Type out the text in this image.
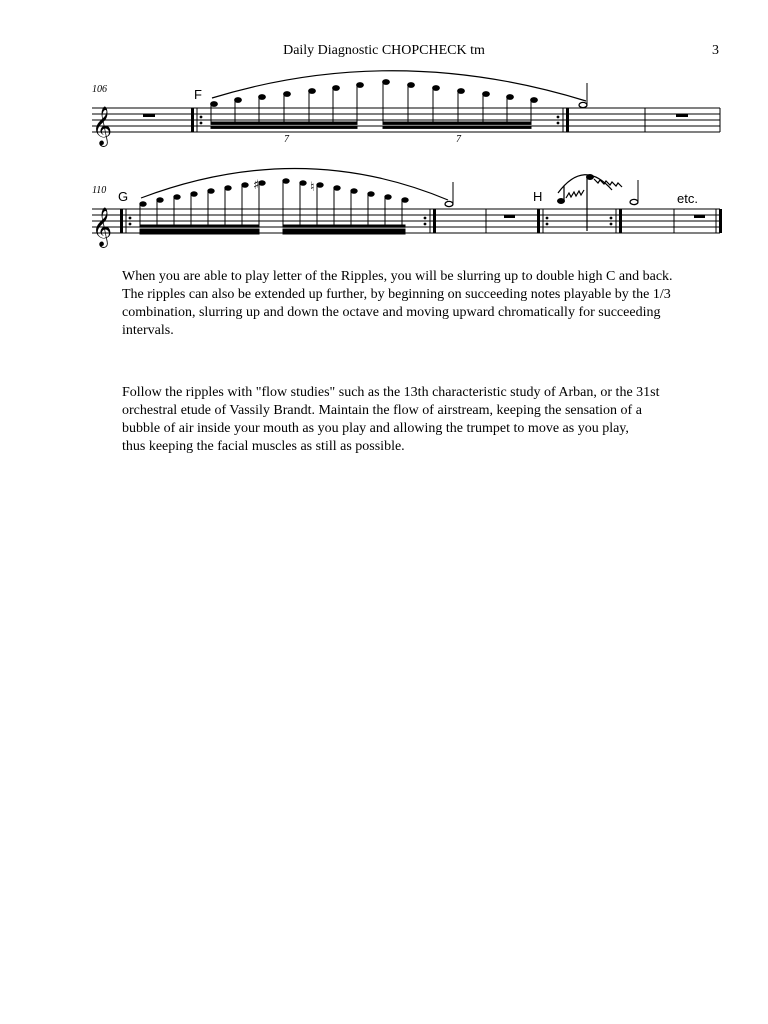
Daily Diagnostic CHOPCHECK tm	3
106
𝄞
F
7	7
110
𝄞
G
♯	♮
H	etc.

When you are able to play letter of the Ripples, you will be slurring up to double high C and back.
The ripples can also be extended up further, by beginning on succeeding notes playable by the 1/3
combination, slurring up and down the octave and moving upward chromatically for succeeding
intervals.

Follow the ripples with "flow studies" such as the 13th characteristic study of Arban, or the 31st
orchestral etude of Vassily Brandt. Maintain the flow of airstream, keeping the sensation of a
bubble of air inside your mouth as you play and allowing the trumpet to move as you play,
thus keeping the facial muscles as still as possible.
